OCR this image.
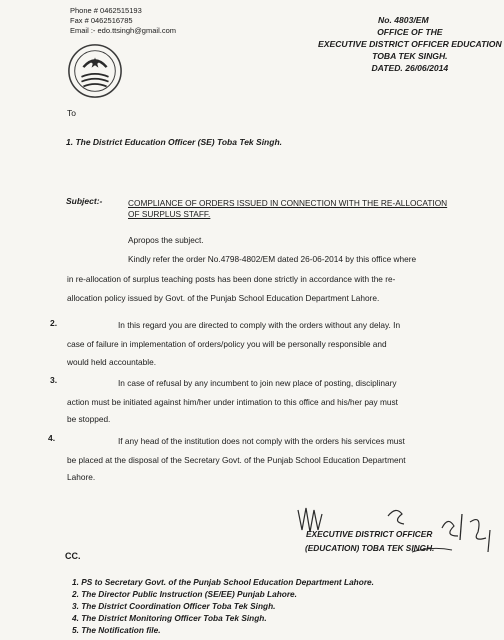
Phone # 0462515193
Fax # 0462516785
Email :- edo.ttsingh@gmail.com
No. 4803/EM
OFFICE OF THE
EXECUTIVE DISTRICT OFFICER EDUCATION
TOBA TEK SINGH.
DATED. 26/06/2014
To
1. The District Education Officer (SE) Toba Tek Singh.
Subject:-	COMPLIANCE OF ORDERS ISSUED IN CONNECTION WITH THE RE-ALLOCATION
OF SURPLUS STAFF.
Apropos the subject.
Kindly refer the order No.4798-4802/EM dated 26-06-2014 by this office where
in re-allocation of surplus teaching posts has been done strictly in accordance with the re-
allocation policy issued by Govt. of the Punjab School Education Department Lahore.
2.	In this regard you are directed to comply with the orders without any delay. In
case of failure in implementation of orders/policy you will be personally responsible and
would held accountable.
3.	In case of refusal by any incumbent to join new place of posting, disciplinary
action must be initiated against him/her under intimation to this office and his/her pay must
be stopped.
4.	If any head of the institution does not comply with the orders his services must
be placed at the disposal of the Secretary Govt. of the Punjab School Education Department
Lahore.
EXECUTIVE DISTRICT OFFICER
(EDUCATION) TOBA TEK SINGH.
CC.
1. PS to Secretary Govt. of the Punjab School Education Department Lahore.
2. The Director Public Instruction (SE/EE) Punjab Lahore.
3. The District Coordination Officer Toba Tek Singh.
4. The District Monitoring Officer Toba Tek Singh.
5. The Notification file.
